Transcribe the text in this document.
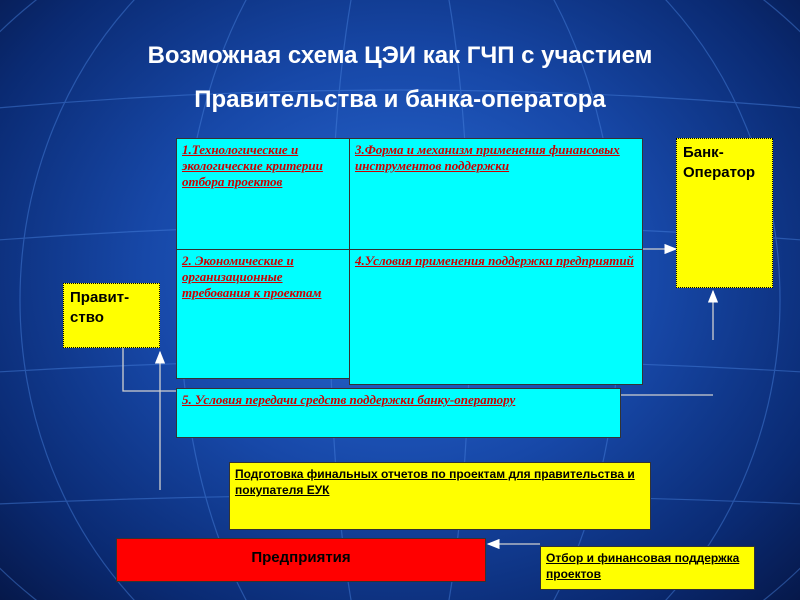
Возможная схема ЦЭИ как ГЧП с участием
Правительства и банка-оператора
1.Технологические и экологические критерии отбора проектов
3.Форма и механизм применения финансовых инструментов поддержки
2. Экономические и организационные требования к проектам
4.Условия применения поддержки предприятий
5. Условия передачи средств поддержки банку-оператору
Банк-Оператор
Правит-ство
Подготовка финальных отчетов по проектам для правительства и покупателя ЕУК
Предприятия	Отбор и финансовая поддержка проектов
